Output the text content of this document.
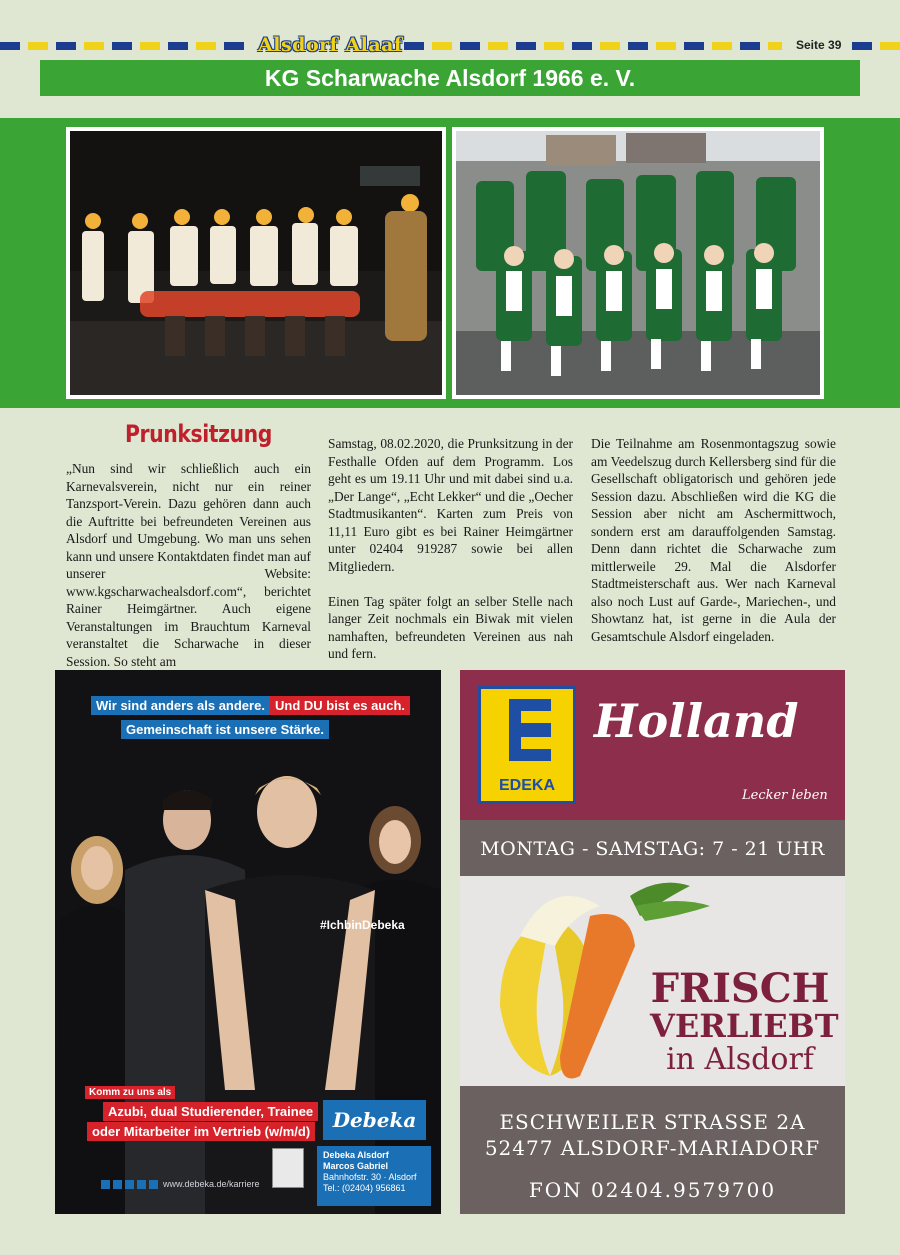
Alsdorf Alaaf	Seite 39
KG Scharwache Alsdorf 1966 e. V.
Prunksitzung

„Nun sind wir schließlich auch ein Karnevalsverein, nicht nur ein reiner Tanzsport-Verein. Dazu gehören dann auch die Auftritte bei befreundeten Vereinen aus Alsdorf und Umgebung. Wo man uns sehen kann und unsere Kontaktdaten findet man auf unserer Website: www.kgscharwachealsdorf.com“, berichtet Rainer Heimgärtner. Auch eigene Veranstaltungen im Brauchtum Karneval veranstaltet die Scharwache in dieser Session. So steht am

Samstag, 08.02.2020, die Prunksitzung in der Festhalle Ofden auf dem Programm. Los geht es um 19.11 Uhr und mit dabei sind u.a. „Der Lange“, „Echt Lekker“ und die „Oecher Stadtmusikanten“. Karten zum Preis von 11,11 Euro gibt es bei Rainer Heimgärtner unter 02404 919287 sowie bei allen Mitgliedern.

Einen Tag später folgt an selber Stelle nach langer Zeit nochmals ein Biwak mit vielen namhaften, befreundeten Vereinen aus nah und fern.

Die Teilnahme am Rosenmontagszug sowie am Veedelszug durch Kellersberg sind für die Gesellschaft obligatorisch und gehören jede Session dazu. Abschließen wird die KG die Session aber nicht am Aschermittwoch, sondern erst am darauffolgenden Samstag. Denn dann richtet die Scharwache zum mittlerweile 29. Mal die Alsdorfer Stadtmeisterschaft aus. Wer nach Karneval also noch Lust auf Garde-, Mariechen-, und Showtanz hat, ist gerne in die Aula der Gesamtschule Alsdorf eingeladen.

Wir sind anders als andere. Und DU bist es auch.
Gemeinschaft ist unsere Stärke.
#IchbinDebeka
Komm zu uns als
Azubi, dual Studierender, Trainee
oder Mitarbeiter im Vertrieb (w/m/d)	Debeka
Debeka Alsdorf
Marcos Gabriel
Bahnhofstr. 30 · Alsdorf
Tel.: (02404) 956861
www.debeka.de/karriere
EDEKA
Holland
Lecker leben
MONTAG - SAMSTAG: 7 - 21 UHR
FRISCH
VERLIEBT
in Alsdorf
ESCHWEILER STRASSE 2A
52477 ALSDORF-MARIADORF
FON 02404.9579700
